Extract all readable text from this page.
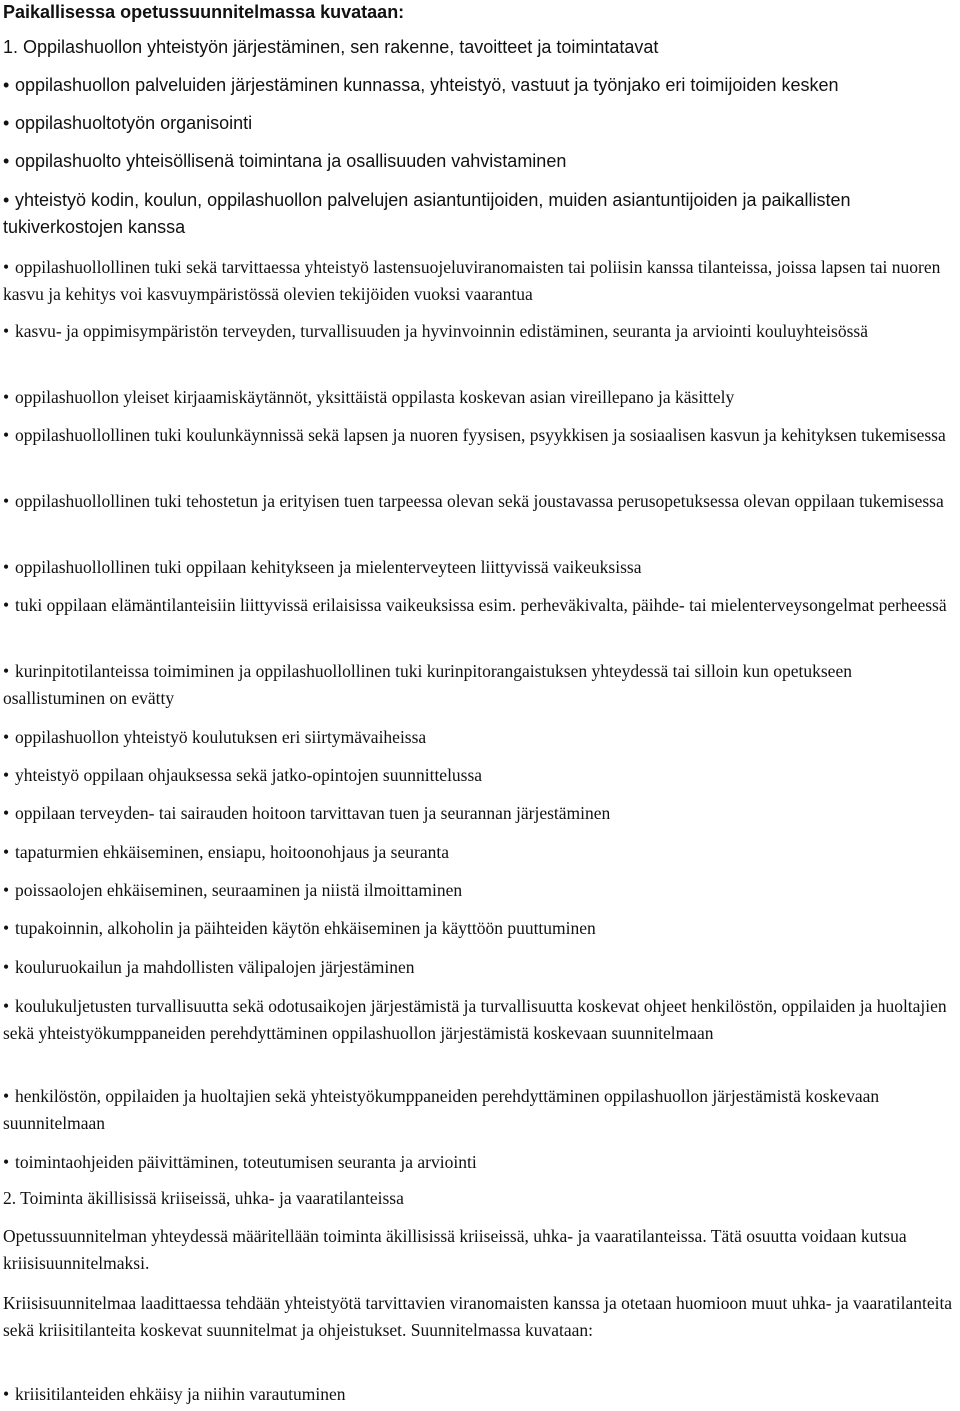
Paikallisessa opetussuunnitelmassa kuvataan:

1. Oppilashuollon yhteistyön järjestäminen, sen rakenne, tavoitteet ja toimintatavat

• oppilashuollon palveluiden järjestäminen kunnassa, yhteistyö, vastuut ja työnjako eri toimijoiden kesken

• oppilashuoltotyön organisointi

• oppilashuolto yhteisöllisenä toimintana ja osallisuuden vahvistaminen

• yhteistyö kodin, koulun, oppilashuollon palvelujen asiantuntijoiden, muiden asiantuntijoiden ja paikallisten tukiverkostojen kanssa

• oppilashuollollinen tuki sekä tarvittaessa yhteistyö lastensuojeluviranomaisten tai poliisin kanssa tilanteissa, joissa lapsen tai nuoren kasvu ja kehitys voi kasvuympäristössä olevien tekijöiden vuoksi vaarantua

• kasvu- ja oppimisympäristön terveyden, turvallisuuden ja hyvinvoinnin edistäminen, seuranta ja arviointi kouluyhteisössä

• oppilashuollon yleiset kirjaamiskäytännöt, yksittäistä oppilasta koskevan asian vireillepano ja käsittely

• oppilashuollollinen tuki koulunkäynnissä sekä lapsen ja nuoren fyysisen, psyykkisen ja sosiaalisen kasvun ja kehityksen tukemisessa

• oppilashuollollinen tuki tehostetun ja erityisen tuen tarpeessa olevan sekä joustavassa perusopetuksessa olevan oppilaan tukemisessa

• oppilashuollollinen tuki oppilaan kehitykseen ja mielenterveyteen liittyvissä vaikeuksissa

• tuki oppilaan elämäntilanteisiin liittyvissä erilaisissa vaikeuksissa esim. perheväkivalta, päihde- tai mielenterveysongelmat perheessä

• kurinpitotilanteissa toimiminen ja oppilashuollollinen tuki kurinpitorangaistuksen yhteydessä tai silloin kun opetukseen osallistuminen on evätty

• oppilashuollon yhteistyö koulutuksen eri siirtymävaiheissa

• yhteistyö oppilaan ohjauksessa sekä jatko-opintojen suunnittelussa

• oppilaan terveyden- tai sairauden hoitoon tarvittavan tuen ja seurannan järjestäminen

• tapaturmien ehkäiseminen, ensiapu, hoitoonohjaus ja seuranta

• poissaolojen ehkäiseminen, seuraaminen ja niistä ilmoittaminen

• tupakoinnin, alkoholin ja päihteiden käytön ehkäiseminen ja käyttöön puuttuminen

• kouluruokailun ja mahdollisten välipalojen järjestäminen

• koulukuljetusten turvallisuutta sekä odotusaikojen järjestämistä ja turvallisuutta koskevat ohjeet henkilöstön, oppilaiden ja huoltajien sekä yhteistyökumppaneiden perehdyttäminen oppilashuollon järjestämistä koskevaan suunnitelmaan

• henkilöstön, oppilaiden ja huoltajien sekä yhteistyökumppaneiden perehdyttäminen oppilashuollon järjestämistä koskevaan suunnitelmaan

• toimintaohjeiden päivittäminen, toteutumisen seuranta ja arviointi

2. Toiminta äkillisissä kriiseissä, uhka- ja vaaratilanteissa

Opetussuunnitelman yhteydessä määritellään toiminta äkillisissä kriiseissä, uhka- ja vaaratilanteissa. Tätä osuutta voidaan kutsua kriisisuunnitelmaksi.

Kriisisuunnitelmaa laadittaessa tehdään yhteistyötä tarvittavien viranomaisten kanssa ja otetaan huomioon muut uhka- ja vaaratilanteita sekä kriisitilanteita koskevat suunnitelmat ja ohjeistukset. Suunnitelmassa kuvataan:

• kriisitilanteiden ehkäisy ja niihin varautuminen
